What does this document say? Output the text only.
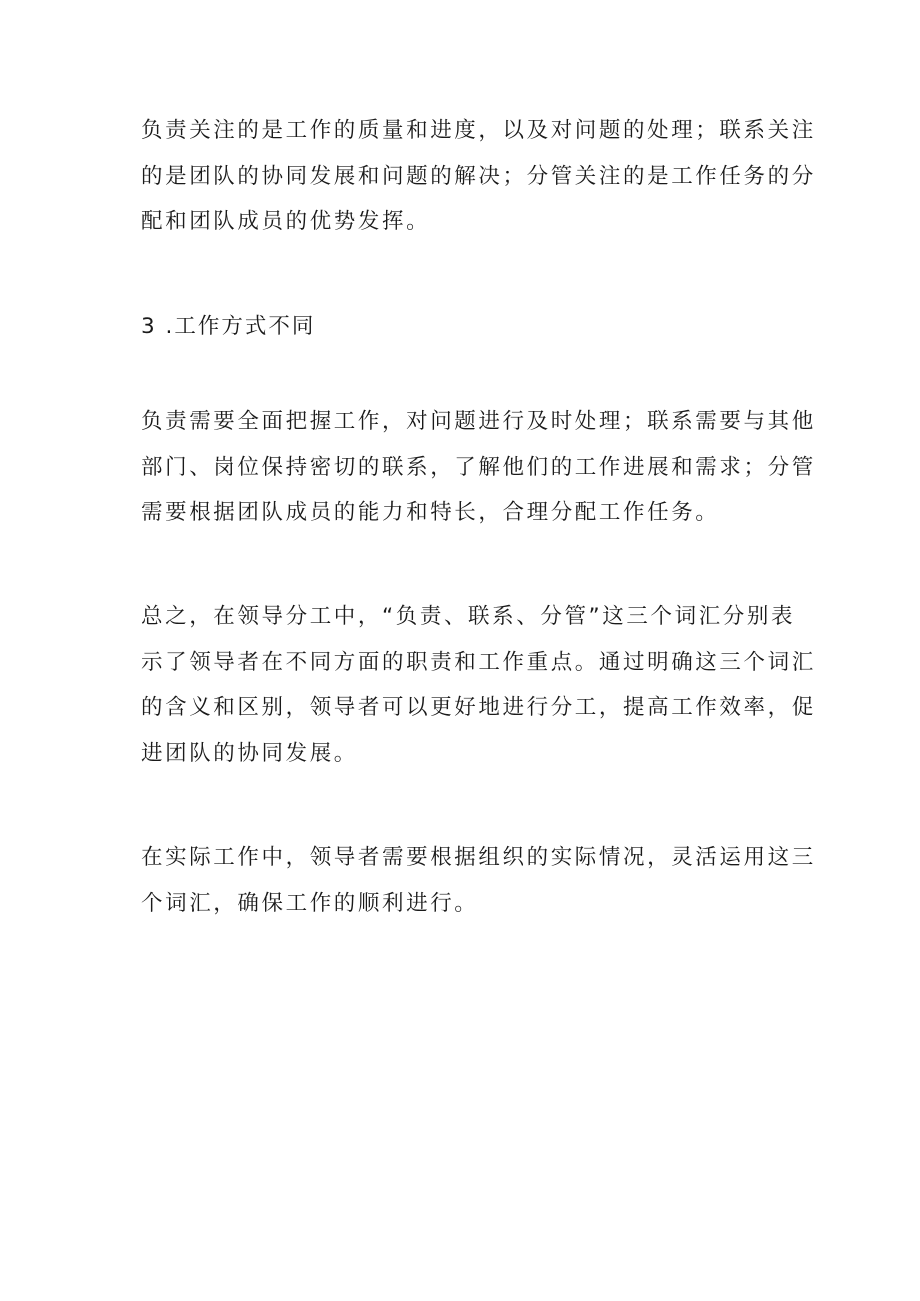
负责关注的是工作的质量和进度，以及对问题的处理；联系关注
的是团队的协同发展和问题的解决；分管关注的是工作任务的分
配和团队成员的优势发挥。

3 .工作方式不同

负责需要全面把握工作，对问题进行及时处理；联系需要与其他
部门、岗位保持密切的联系，了解他们的工作进展和需求；分管
需要根据团队成员的能力和特长，合理分配工作任务。

总之，在领导分工中，“负责、联系、分管”这三个词汇分别表
示了领导者在不同方面的职责和工作重点。通过明确这三个词汇
的含义和区别，领导者可以更好地进行分工，提高工作效率，促
进团队的协同发展。

在实际工作中，领导者需要根据组织的实际情况，灵活运用这三
个词汇，确保工作的顺利进行。
